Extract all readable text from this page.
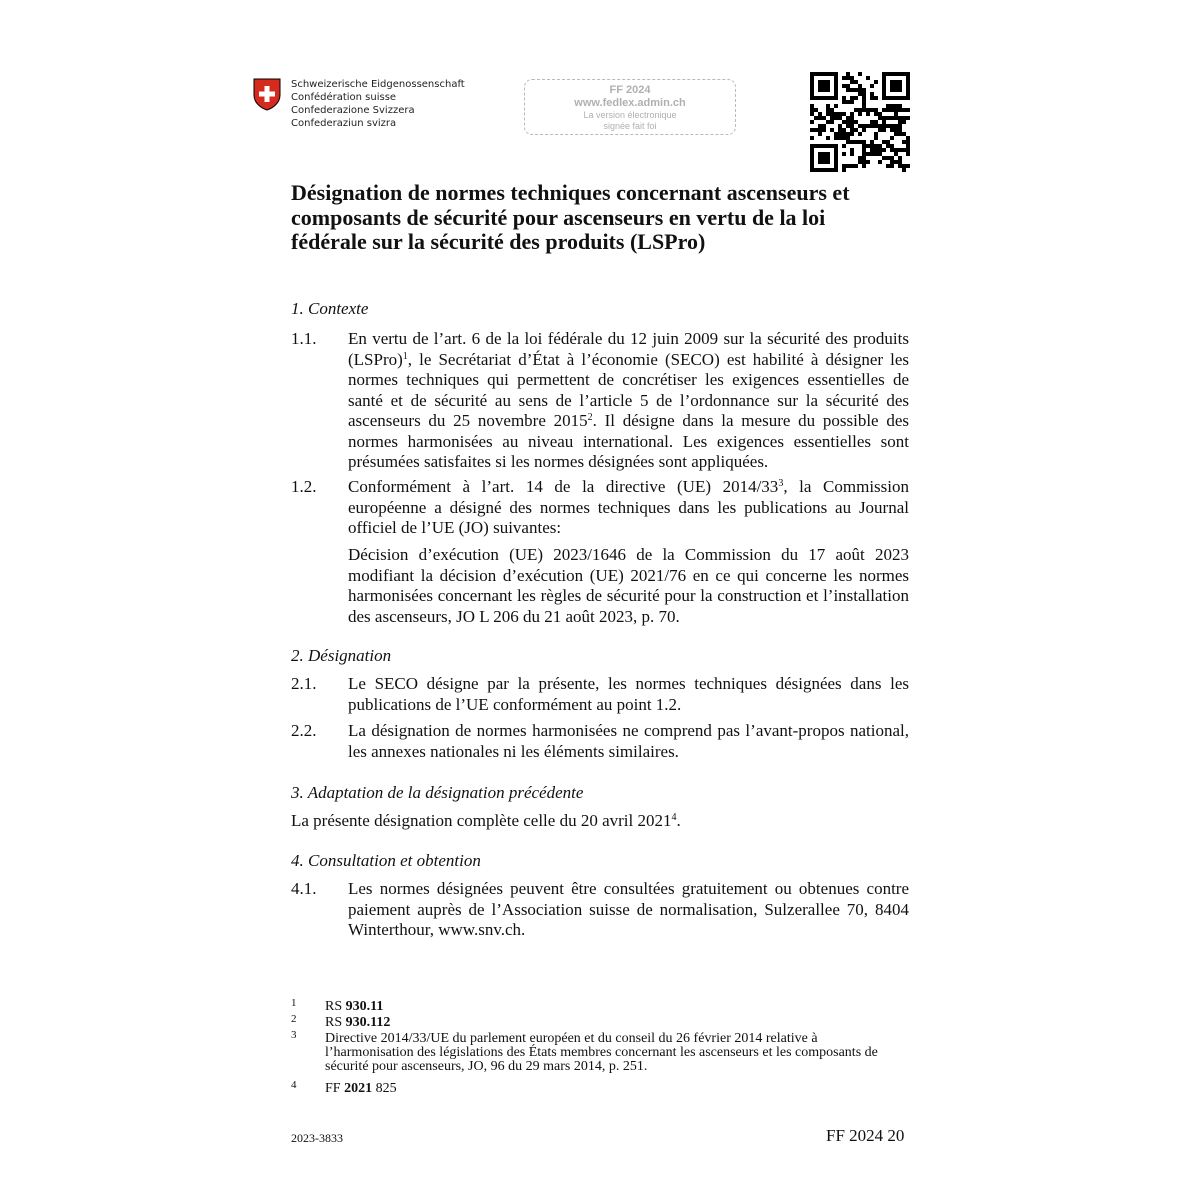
Schweizerische Eidgenossenschaft
Confédération suisse
Confederazione Svizzera
Confederaziun svizra
FF 2024
www.fedlex.admin.ch
La version électronique
signée fait foi
Désignation de normes techniques concernant ascenseurs et composants de sécurité pour ascenseurs en vertu de la loi fédérale sur la sécurité des produits (LSPro)
1. Contexte
1.1. En vertu de l’art. 6 de la loi fédérale du 12 juin 2009 sur la sécurité des produits (LSPro)$^1$, le Secrétariat d’État à l’économie (SECO) est habilité à désigner les normes techniques qui permettent de concrétiser les exigences essentielles de santé et de sécurité au sens de l’article 5 de l’ordonnance sur la sécurité des ascenseurs du 25 novembre 2015$^2$. Il désigne dans la mesure du possible des normes harmonisées au niveau international. Les exigences essentielles sont présumées satisfaites si les normes désignées sont appliquées.
1.2. Conformément à l’art. 14 de la directive (UE) $2014/33^3$, la Commission européenne a désigné des normes techniques dans les publications au Journal officiel de l’UE (JO) suivantes:
Décision d’exécution (UE) 2023/1646 de la Commission du 17 août 2023 modifiant la décision d’exécution (UE) 2021/76 en ce qui concerne les normes harmonisées concernant les règles de sécurité pour la construction et l’installation des ascenseurs, JO L 206 du 21 août 2023, p. 70.
2. Désignation
2.1. Le SECO désigne par la présente, les normes techniques désignées dans les publications de l’UE conformément au point 1.2.
2.2. La désignation de normes harmonisées ne comprend pas l’avant-propos national, les annexes nationales ni les éléments similaires.
3. Adaptation de la désignation précédente
La présente désignation complète celle du 20 avril 2021$^4$.
4. Consultation et obtention
4.1. Les normes désignées peuvent être consultées gratuitement ou obtenues contre paiement auprès de l’Association suisse de normalisation, Sulzerallee 70, 8404 Winterthour, www.snv.ch.
1 RS 930.11
2 RS 930.112
3 Directive 2014/33/UE du parlement européen et du conseil du 26 février 2014 relative à l’harmonisation des législations des États membres concernant les ascenseurs et les composants de sécurité pour ascenseurs, JO, 96 du 29 mars 2014, p. 251.
4 FF 2021 825
2023-3833	FF 2024 20
